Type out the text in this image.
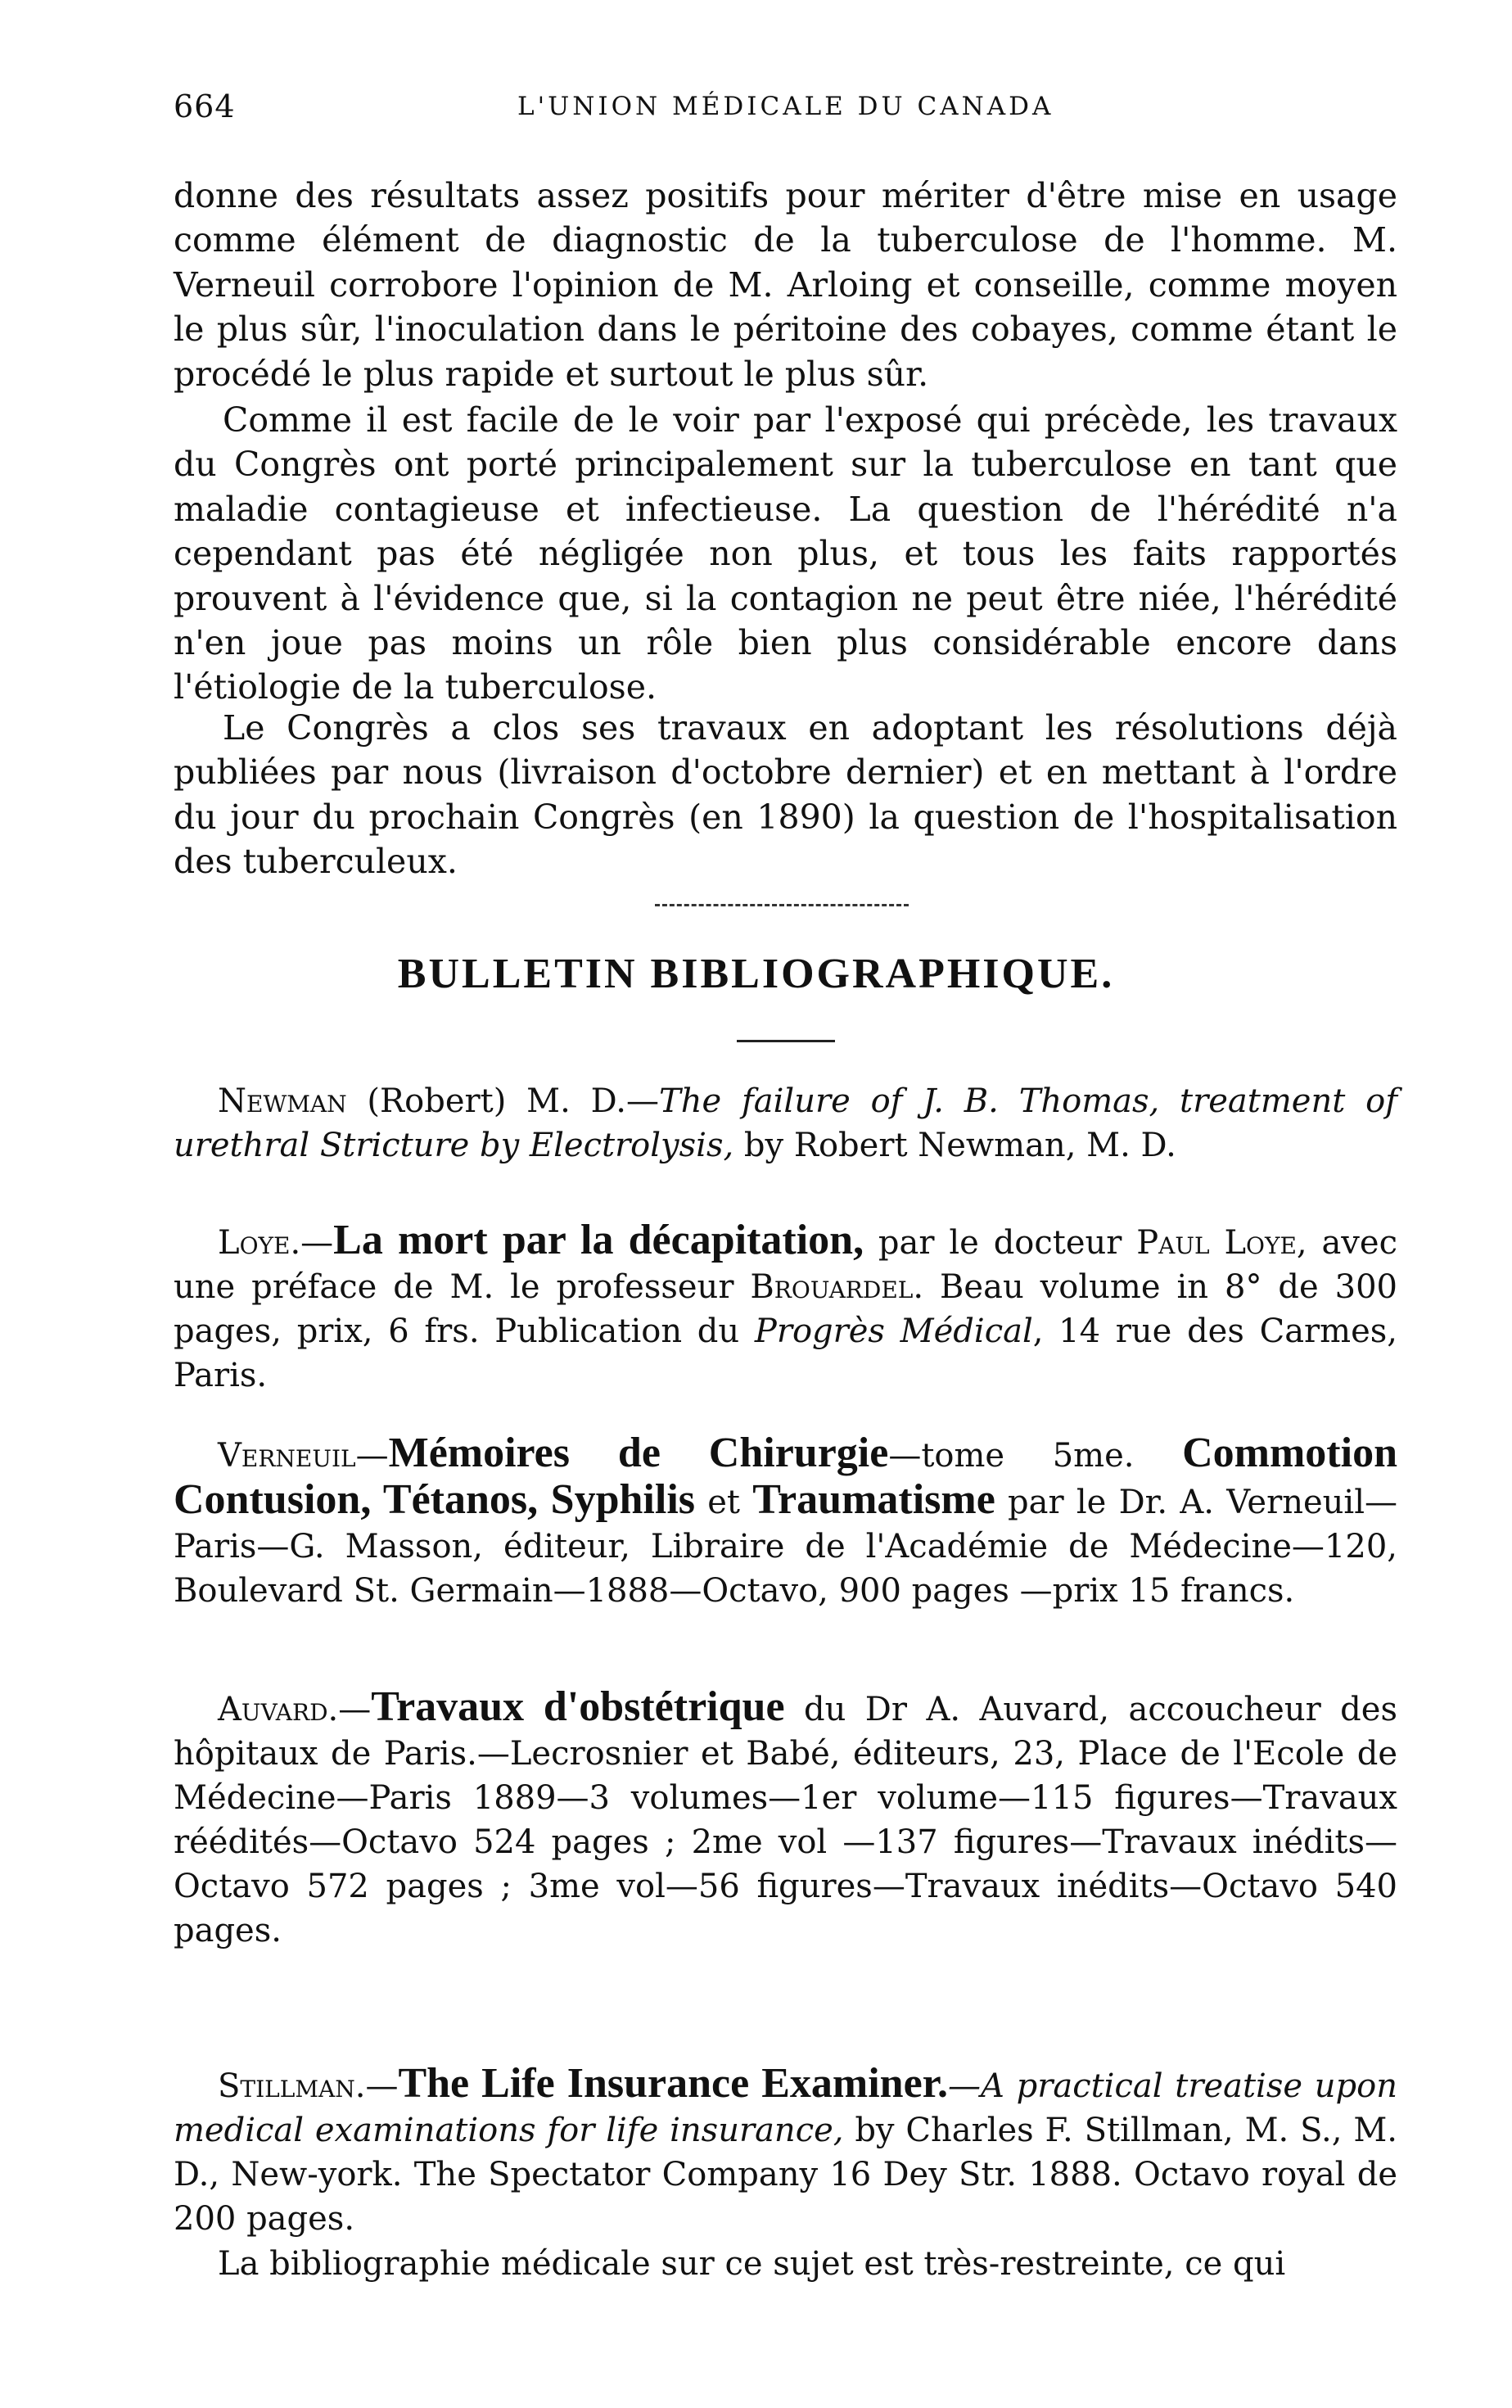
664	L'UNION MÉDICALE DU CANADA

donne des résultats assez positifs pour mériter d'être mise en usage comme élément de diagnostic de la tuberculose de l'homme. M. Verneuil corrobore l'opinion de M. Arloing et conseille, comme moyen le plus sûr, l'inoculation dans le péritoine des cobayes, comme étant le procédé le plus rapide et surtout le plus sûr.

Comme il est facile de le voir par l'exposé qui précède, les travaux du Congrès ont porté principalement sur la tuberculose en tant que maladie contagieuse et infectieuse. La question de l'hérédité n'a cependant pas été négligée non plus, et tous les faits rapportés prouvent à l'évidence que, si la contagion ne peut être niée, l'hérédité n'en joue pas moins un rôle bien plus considérable encore dans l'étiologie de la tuberculose.

Le Congrès a clos ses travaux en adoptant les résolutions déjà publiées par nous (livraison d'octobre dernier) et en mettant à l'ordre du jour du prochain Congrès (en 1890) la question de l'hospitalisation des tuberculeux.

BULLETIN BIBLIOGRAPHIQUE.

Newman (Robert) M. D.—The failure of J. B. Thomas, treatment of urethral Stricture by Electrolysis, by Robert Newman, M. D.

Loye.—La mort par la décapitation, par le docteur Paul Loye, avec une préface de M. le professeur Brouardel. Beau volume in 8° de 300 pages, prix, 6 frs. Publication du Progrès Médical, 14 rue des Carmes, Paris.

Verneuil—Mémoires de Chirurgie—tome 5me. Commotion Contusion, Tétanos, Syphilis et Traumatisme par le Dr. A. Verneuil—Paris—G. Masson, éditeur, Libraire de l'Académie de Médecine—120, Boulevard St. Germain—1888—Octavo, 900 pages —prix 15 francs.

Auvard.—Travaux d'obstétrique du Dr A. Auvard, accoucheur des hôpitaux de Paris.—Lecrosnier et Babé, éditeurs, 23, Place de l'Ecole de Médecine—Paris 1889—3 volumes—1er volume—115 figures—Travaux réédités—Octavo 524 pages ; 2me vol —137 figures—Travaux inédits—Octavo 572 pages ; 3me vol—56 figures—Travaux inédits—Octavo 540 pages.

Stillman.—The Life Insurance Examiner.—A practical treatise upon medical examinations for life insurance, by Charles F. Stillman, M. S., M. D., New-york. The Spectator Company 16 Dey Str. 1888. Octavo royal de 200 pages.

La bibliographie médicale sur ce sujet est très-restreinte, ce qui
